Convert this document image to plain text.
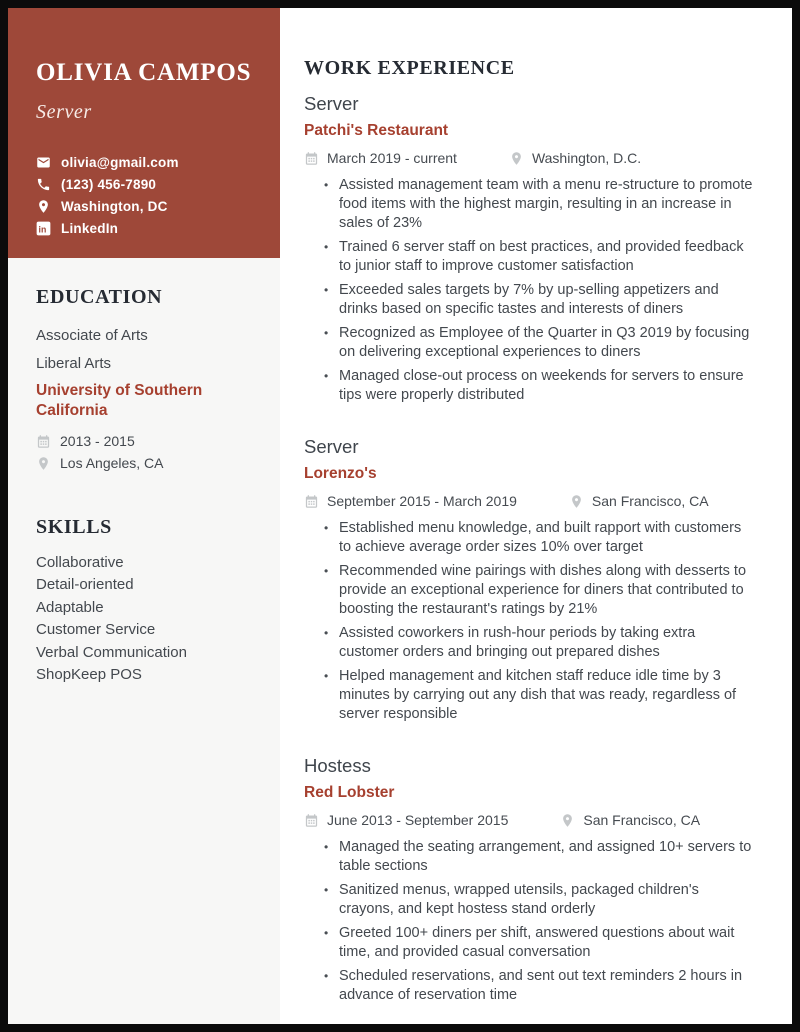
OLIVIA CAMPOS
Server
olivia@gmail.com
(123) 456-7890
Washington, DC
in LinkedIn
EDUCATION
Associate of Arts
Liberal Arts
University of Southern California
2013 - 2015
Los Angeles, CA
SKILLS
Collaborative
Detail-oriented
Adaptable
Customer Service
Verbal Communication
ShopKeep POS
WORK EXPERIENCE
Server
Patchi's Restaurant
March 2019 - current	Washington, D.C.
• Assisted management team with a menu re-structure to promote food items with the highest margin, resulting in an increase in sales of 23%
• Trained 6 server staff on best practices, and provided feedback to junior staff to improve customer satisfaction
• Exceeded sales targets by 7% by up-selling appetizers and drinks based on specific tastes and interests of diners
• Recognized as Employee of the Quarter in Q3 2019 by focusing on delivering exceptional experiences to diners
• Managed close-out process on weekends for servers to ensure tips were properly distributed
Server
Lorenzo's
September 2015 - March 2019	San Francisco, CA
• Established menu knowledge, and built rapport with customers to achieve average order sizes 10% over target
• Recommended wine pairings with dishes along with desserts to provide an exceptional experience for diners that contributed to boosting the restaurant's ratings by 21%
• Assisted coworkers in rush-hour periods by taking extra customer orders and bringing out prepared dishes
• Helped management and kitchen staff reduce idle time by 3 minutes by carrying out any dish that was ready, regardless of server responsible
Hostess
Red Lobster
June 2013 - September 2015	San Francisco, CA
• Managed the seating arrangement, and assigned 10+ servers to table sections
• Sanitized menus, wrapped utensils, packaged children's crayons, and kept hostess stand orderly
• Greeted 100+ diners per shift, answered questions about wait time, and provided casual conversation
• Scheduled reservations, and sent out text reminders 2 hours in advance of reservation time
